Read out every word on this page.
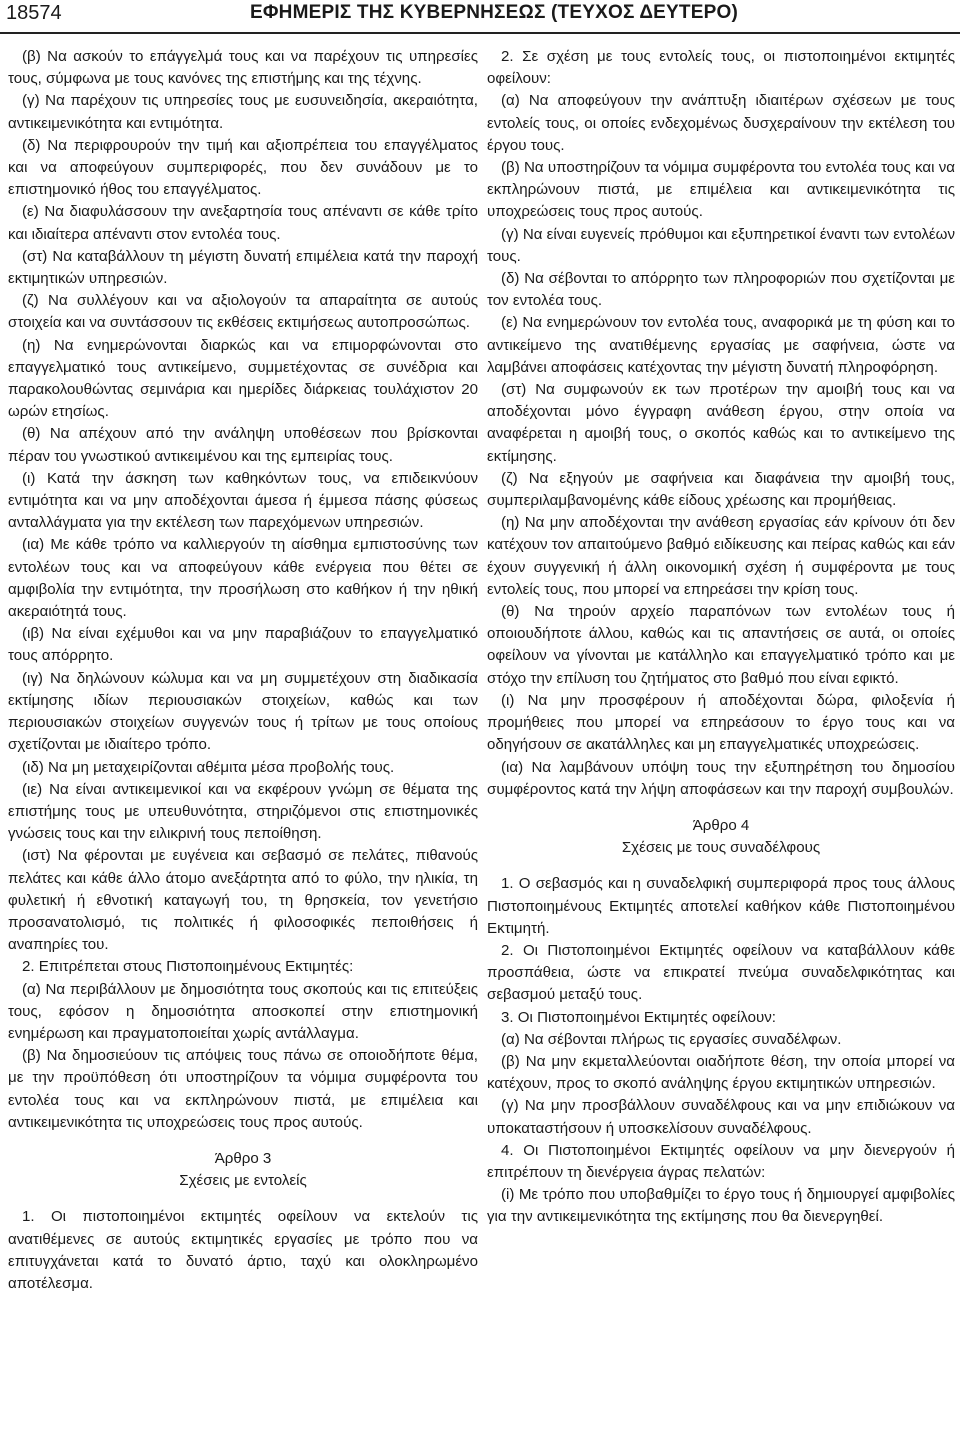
18574	ΕΦΗΜΕΡΙΣ ΤΗΣ ΚΥΒΕΡΝΗΣΕΩΣ (ΤΕΥΧΟΣ ΔΕΥΤΕΡΟ)

(β) Να ασκούν το επάγγελμά τους και να παρέχουν τις υπηρεσίες τους, σύμφωνα με τους κανόνες της επιστήμης και της τέχνης.

(γ) Να παρέχουν τις υπηρεσίες τους με ευσυνειδησία, ακεραιότητα, αντικειμενικότητα και εντιμότητα.

(δ) Να περιφρουρούν την τιμή και αξιοπρέπεια του επαγγέλματος και να αποφεύγουν συμπεριφορές, που δεν συνάδουν με το επιστημονικό ήθος του επαγγέλματος.

(ε) Να διαφυλάσσουν την ανεξαρτησία τους απέναντι σε κάθε τρίτο και ιδιαίτερα απέναντι στον εντολέα τους.

(στ) Να καταβάλλουν τη μέγιστη δυνατή επιμέλεια κατά την παροχή εκτιμητικών υπηρεσιών.

(ζ) Να συλλέγουν και να αξιολογούν τα απαραίτητα σε αυτούς στοιχεία και να συντάσσουν τις εκθέσεις εκτιμήσεως αυτοπροσώπως.

(η) Να ενημερώνονται διαρκώς και να επιμορφώνονται στο επαγγελματικό τους αντικείμενο, συμμετέχοντας σε συνέδρια και παρακολουθώντας σεμινάρια και ημερίδες διάρκειας τουλάχιστον 20 ωρών ετησίως.

(θ) Να απέχουν από την ανάληψη υποθέσεων που βρίσκονται πέραν του γνωστικού αντικειμένου και της εμπειρίας τους.

(ι) Κατά την άσκηση των καθηκόντων τους, να επιδεικνύουν εντιμότητα και να μην αποδέχονται άμεσα ή έμμεσα πάσης φύσεως ανταλλάγματα για την εκτέλεση των παρεχόμενων υπηρεσιών.

(ια) Με κάθε τρόπο να καλλιεργούν τη αίσθημα εμπιστοσύνης των εντολέων τους και να αποφεύγουν κάθε ενέργεια που θέτει σε αμφιβολία την εντιμότητα, την προσήλωση στο καθήκον ή την ηθική ακεραιότητά τους.

(ιβ) Να είναι εχέμυθοι και να μην παραβιάζουν το επαγγελματικό τους απόρρητο.

(ιγ) Να δηλώνουν κώλυμα και να μη συμμετέχουν στη διαδικασία εκτίμησης ιδίων περιουσιακών στοιχείων, καθώς και των περιουσιακών στοιχείων συγγενών τους ή τρίτων με τους οποίους σχετίζονται με ιδιαίτερο τρόπο.

(ιδ) Να μη μεταχειρίζονται αθέμιτα μέσα προβολής τους.

(ιε) Να είναι αντικειμενικοί και να εκφέρουν γνώμη σε θέματα της επιστήμης τους με υπευθυνότητα, στηριζόμενοι στις επιστημονικές γνώσεις τους και την ειλικρινή τους πεποίθηση.

(ιστ) Να φέρονται με ευγένεια και σεβασμό σε πελάτες, πιθανούς πελάτες και κάθε άλλο άτομο ανεξάρτητα από το φύλο, την ηλικία, τη φυλετική ή εθνοτική καταγωγή του, τη θρησκεία, τον γενετήσιο προσανατολισμό, τις πολιτικές ή φιλοσοφικές πεποιθήσεις ή αναπηρίες του.

2. Επιτρέπεται στους Πιστοποιημένους Εκτιμητές:

(α) Να περιβάλλουν με δημοσιότητα τους σκοπούς και τις επιτεύξεις τους, εφόσον η δημοσιότητα αποσκοπεί στην επιστημονική ενημέρωση και πραγματοποιείται χωρίς αντάλλαγμα.

(β) Να δημοσιεύουν τις απόψεις τους πάνω σε οποιοδήποτε θέμα, με την προϋπόθεση ότι υποστηρίζουν τα νόμιμα συμφέροντα του εντολέα τους και να εκπληρώνουν πιστά, με επιμέλεια και αντικειμενικότητα τις υποχρεώσεις τους προς αυτούς.

Άρθρο 3

Σχέσεις με εντολείς

1. Οι πιστοποιημένοι εκτιμητές οφείλουν να εκτελούν τις ανατιθέμενες σε αυτούς εκτιμητικές εργασίες με τρόπο που να επιτυγχάνεται κατά το δυνατό άρτιο, ταχύ και ολοκληρωμένο αποτέλεσμα.

2. Σε σχέση με τους εντολείς τους, οι πιστοποιημένοι εκτιμητές οφείλουν:

(α) Να αποφεύγουν την ανάπτυξη ιδιαιτέρων σχέσεων με τους εντολείς τους, οι οποίες ενδεχομένως δυσχεραίνουν την εκτέλεση του έργου τους.

(β) Να υποστηρίζουν τα νόμιμα συμφέροντα του εντολέα τους και να εκπληρώνουν πιστά, με επιμέλεια και αντικειμενικότητα τις υποχρεώσεις τους προς αυτούς.

(γ) Να είναι ευγενείς πρόθυμοι και εξυπηρετικοί έναντι των εντολέων τους.

(δ) Να σέβονται το απόρρητο των πληροφοριών που σχετίζονται με τον εντολέα τους.

(ε) Να ενημερώνουν τον εντολέα τους, αναφορικά με τη φύση και το αντικείμενο της ανατιθέμενης εργασίας με σαφήνεια, ώστε να λαμβάνει αποφάσεις κατέχοντας την μέγιστη δυνατή πληροφόρηση.

(στ) Να συμφωνούν εκ των προτέρων την αμοιβή τους και να αποδέχονται μόνο έγγραφη ανάθεση έργου, στην οποία να αναφέρεται η αμοιβή τους, ο σκοπός καθώς και το αντικείμενο της εκτίμησης.

(ζ) Να εξηγούν με σαφήνεια και διαφάνεια την αμοιβή τους, συμπεριλαμβανομένης κάθε είδους χρέωσης και προμήθειας.

(η) Να μην αποδέχονται την ανάθεση εργασίας εάν κρίνουν ότι δεν κατέχουν τον απαιτούμενο βαθμό ειδίκευσης και πείρας καθώς και εάν έχουν συγγενική ή άλλη οικονομική σχέση ή συμφέροντα με τους εντολείς τους, που μπορεί να επηρεάσει την κρίση τους.

(θ) Να τηρούν αρχείο παραπόνων των εντολέων τους ή οποιουδήποτε άλλου, καθώς και τις απαντήσεις σε αυτά, οι οποίες οφείλουν να γίνονται με κατάλληλο και επαγγελματικό τρόπο και με στόχο την επίλυση του ζητήματος στο βαθμό που είναι εφικτό.

(ι) Να μην προσφέρουν ή αποδέχονται δώρα, φιλοξενία ή προμήθειες που μπορεί να επηρεάσουν το έργο τους και να οδηγήσουν σε ακατάλληλες και μη επαγγελματικές υποχρεώσεις.

(ια) Να λαμβάνουν υπόψη τους την εξυπηρέτηση του δημοσίου συμφέροντος κατά την λήψη αποφάσεων και την παροχή συμβουλών.

Άρθρο 4

Σχέσεις με τους συναδέλφους

1. Ο σεβασμός και η συναδελφική συμπεριφορά προς τους άλλους Πιστοποιημένους Εκτιμητές αποτελεί καθήκον κάθε Πιστοποιημένου Εκτιμητή.

2. Οι Πιστοποιημένοι Εκτιμητές οφείλουν να καταβάλλουν κάθε προσπάθεια, ώστε να επικρατεί πνεύμα συναδελφικότητας και σεβασμού μεταξύ τους.

3. Οι Πιστοποιημένοι Εκτιμητές οφείλουν:

(α) Να σέβονται πλήρως τις εργασίες συναδέλφων.

(β) Να μην εκμεταλλεύονται οιαδήποτε θέση, την οποία μπορεί να κατέχουν, προς το σκοπό ανάληψης έργου εκτιμητικών υπηρεσιών.

(γ) Να μην προσβάλλουν συναδέλφους και να μην επιδιώκουν να υποκαταστήσουν ή υποσκελίσουν συναδέλφους.

4. Οι Πιστοποιημένοι Εκτιμητές οφείλουν να μην διενεργούν ή επιτρέπουν τη διενέργεια άγρας πελατών:

(i) Με τρόπο που υποβαθμίζει το έργο τους ή δημιουργεί αμφιβολίες για την αντικειμενικότητα της εκτίμησης που θα διενεργηθεί.
